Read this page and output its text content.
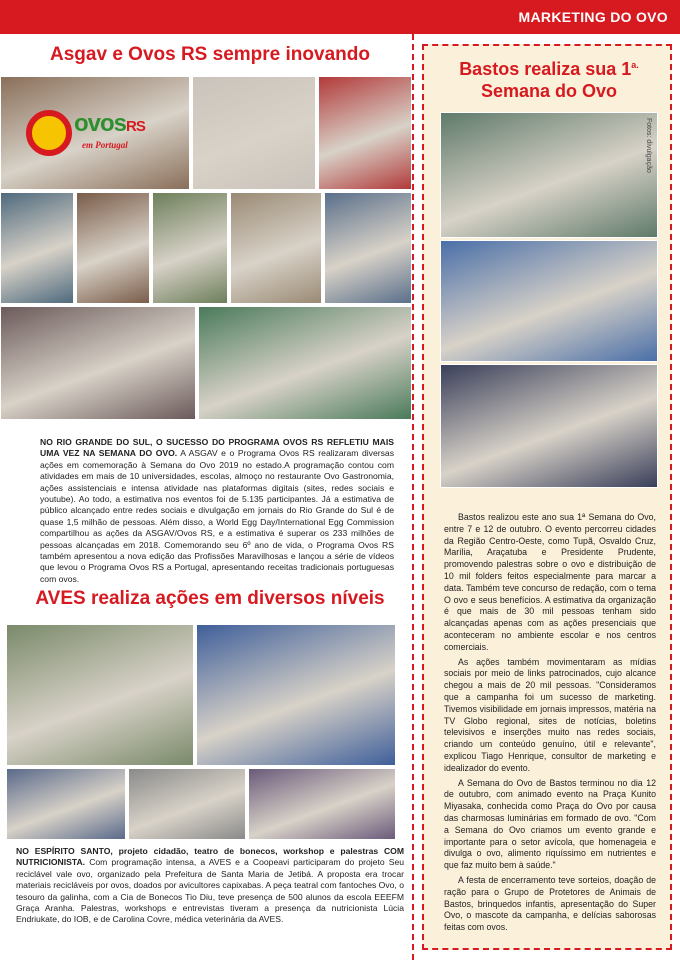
MARKETING DO OVO
Asgav e Ovos RS sempre inovando
ovosRS
em Portugal
NO RIO GRANDE DO SUL, O SUCESSO DO PROGRAMA OVOS RS REFLETIU MAIS UMA VEZ NA SEMANA DO OVO. A ASGAV e o Programa Ovos RS realizaram diversas ações em comemoração à Semana do Ovo 2019 no estado.A programação contou com atividades em mais de 10 universidades, escolas, almoço no restaurante Ovo Gastronomia, ações assistenciais e intensa atividade nas plataformas digitais (sites, redes sociais e youtube). Ao todo, a estimativa nos eventos foi de 5.135 participantes. Já a estimativa de público alcançado entre redes sociais e divulgação em jornais do Rio Grande do Sul é de quase 1,5 milhão de pessoas. Além disso, a World Egg Day/International Egg Commission compartilhou as ações da ASGAV/Ovos RS, e a estimativa é superar os 233 milhões de pessoas alcançadas em 2018. Comemorando seu 6º ano de vida, o Programa Ovos RS também apresentou a nova edição das Profissões Maravilhosas e lançou a série de vídeos que levou o Programa Ovos RS a Portugal, apresentando receitas tradicionais portuguesas com ovos.
AVES realiza ações em diversos níveis
NO ESPÍRITO SANTO, projeto cidadão, teatro de bonecos, workshop e palestras COM NUTRICIONISTA. Com programação intensa, a AVES e a Coopeavi participaram do projeto Seu reciclável vale ovo, organizado pela Prefeitura de Santa Maria de Jetibá. A proposta era trocar materiais recicláveis por ovos, doados por avicultores capixabas. A peça teatral com fantoches Ovo, o tesouro da galinha, com a Cia de Bonecos Tio Diu, teve presença de 500 alunos da escola EEEFM Graça Aranha. Palestras, workshops e entrevistas tiveram a presença da nutricionista Lúcia Endriukate, do IOB, e de Carolina Covre, médica veterinária da AVES.
Bastos realiza sua $1^{a.}$
Semana do Ovo
Fotos: divulgação

Bastos realizou este ano sua 1ª Semana do Ovo, entre 7 e 12 de outubro. O evento percorreu cidades da Região Centro-Oeste, como Tupã, Osvaldo Cruz, Marília, Araçatuba e Presidente Prudente, promovendo palestras sobre o ovo e distribuição de 10 mil folders feitos especialmente para marcar a data. Também teve concurso de redação, com o tema O ovo e seus benefícios. A estimativa da organização é que mais de 30 mil pessoas tenham sido alcançadas apenas com as ações presenciais que aconteceram no ambiente escolar e nos centros comerciais.

As ações também movimentaram as mídias sociais por meio de links patrocinados, cujo alcance chegou a mais de 20 mil pessoas. "Consideramos que a campanha foi um sucesso de marketing. Tivemos visibilidade em jornais impressos, matéria na TV Globo regional, sites de notícias, boletins televisivos e inserções muito nas redes sociais, criando um conteúdo genuíno, útil e relevante", explicou Tiago Henrique, consultor de marketing e idealizador do evento.

A Semana do Ovo de Bastos terminou no dia 12 de outubro, com animado evento na Praça Kunito Miyasaka, conhecida como Praça do Ovo por causa das charmosas luminárias em formado de ovo. "Com a Semana do Ovo criamos um evento grande e importante para o setor avícola, que homenageia e divulga o ovo, alimento riquíssimo em nutrientes e que faz muito bem à saúde."

A festa de encerramento teve sorteios, doação de ração para o Grupo de Protetores de Animais de Bastos, brinquedos infantis, apresentação do Super Ovo, o mascote da campanha, e delícias saborosas feitas com ovos.
